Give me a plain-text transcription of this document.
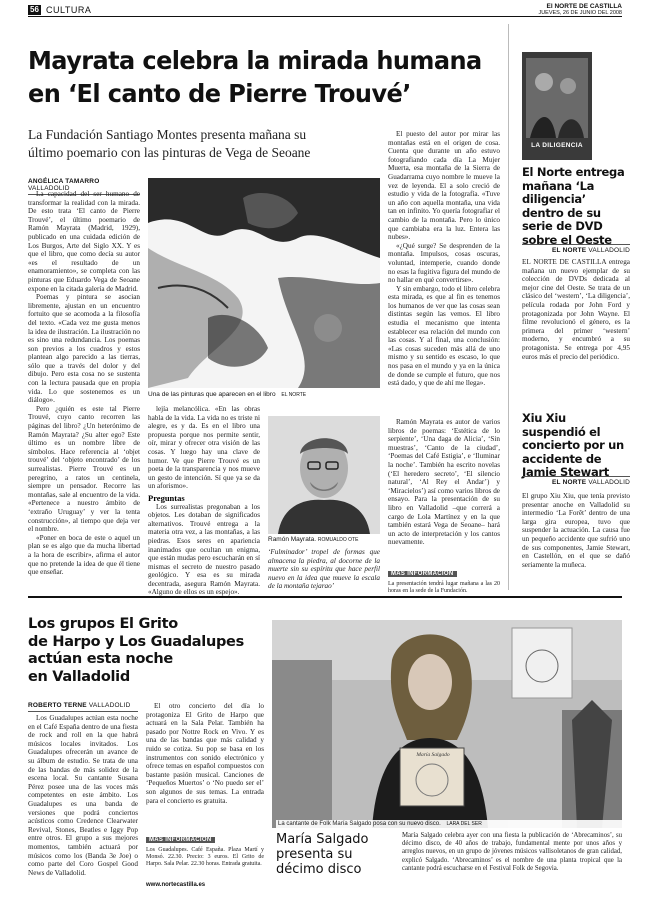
56 CULTURA	El NORTE DE CASTILLA
JUEVES, 26 DE JUNIO DEL 2008
Mayrata celebra la mirada humana
en ‘El canto de Pierre Trouvé’
La Fundación Santiago Montes presenta mañana su
último poemario con las pinturas de Vega de Seoane
ANGÉLICA TAMARRO VALLADOLID

La capacidad del ser humano de transformar la realidad con la mirada. De esto trata ‘El canto de Pierre Trouvé’, el último poemario de Ramón Mayrata (Madrid, 1929), publicado en una cuidada edición de Los Burgos, Arte del Siglo XX. Y es que el libro, que como decía su autor «es el resultado de un enamoramiento», se completa con las pinturas que Eduardo Vega de Seoane expone en la citada galería de Madrid.

Poemas y pintura se asocian libremente, ajustan en un encuentro fortuito que se acomoda a la filosofía del texto. «Cada vez me gusta menos la idea de ilustración. La ilustración no es sino una redundancia. Los poemas son previos a los cuadros y estos plantean algo parecido a las tierras, sólo que a través del dolor y del dibujo. Pero esta cosa no se sustenta con la lectura pausada que en propia vida. Lo que sostenemos es un diálogo».

Pero ¿quién es este tal Pierre Trouvé, cuyo canto recorren las páginas del libro? ¿Un heterónimo de Ramón Mayrata? ¿Su alter ego? Este último es un nombre libre de símbolos. Hace referencia al ‘objet trouvé’ del ‘objeto encontrado’ de los surrealistas. Pierre Trouvé es un peregrino, a ratos un centinela, siempre un pensador. Recorre las montañas, sale al encuentro de la vida. «Pertenece a nuestro ámbito de ‘extraño Uruguay’ y ver la tenta construcción», al tiempo que deja ver el nombre.

«Poner en boca de este o aquel un plan se es algo que da mucha libertad a la hora de escribir», afirma el autor que no pretende la idea de que él tiene que enseñar.

Una de las pinturas que aparecen en el libro EL NORTE

lejía melancólica. «En las obras habla de la vida. La vida no es triste ni alegre, es y da. Es en el libro una propuesta porque nos permite sentir, oír, mirar y ofrecer otra visión de las cosas. Y luego hay una clave de humor. Ve que Pierre Trouvé es un poeta de la transparencia y nos mueve un gesto de intención. Sí que ya se da un aforismo».

Preguntas

Los surrealistas pregonaban a los objetos. Les dotaban de significados alternativos. Trouvé entrega a la materia otra vez, a las montañas, a las piedras. Esos seres en apariencia inanimados que ocultan un enigma, que están mudas pero escucharán en sí mismas el secreto de nuestro pasado geológico. Y esa es su mirada decentrada, asegura Ramón Mayrata. «Alguno de ellos es un espejo».

Ramón Mayrata. ROMUALDO OTE

El puesto del autor por mirar las montañas está en el origen de cosa. Cuenta que durante un año estuvo fotografiando cada día La Mujer Muerta, esa montaña de la Sierra de Guadarrama cuyo nombre le mueve la vez de leyenda. El a solo creció de estudio y vida de la fotografía. «Tuve un año con aquella montaña, una vida tan en infinito. Yo quería fotografiar el cambio de la montaña. Pero lo único que cambiaba era la luz. Entera las nubes».

«¿Qué surge? Se desprenden de la montaña. Impulsos, cosas oscuras, voluntad, intemperie, cuando donde no esas la fugitiva figura del mundo de no hallar en qué convertirse».

Y sin embargo, todo el libro celebra esta mirada, es que al fin es tenemos los humanos de ver que las cosas sean distintas según las vemos. El libro estudia el mecanismo que intenta establecer esa relación del mundo con las cosas. Y al final, una conclusión: «Las cosas suceden más allá de uno mismo y su sentido es escaso, lo que nos pasa en el mundo y ya en la única de donde se cumple el futuro, que nos está dado, y que de ahí me llega».

Ramón Mayrata es autor de varios libros de poemas: ‘Estética de lo serpiente’, ‘Una daga de Alicia’, ‘Sin muestras’, ‘Canto de la ciudad’, ‘Poemas del Café Estigia’, e ‘Iluminar la noche’. También ha escrito novelas (‘El heredero secreto’, ‘El silencio natural’, ‘Al Rey el Andar’) y ‘Miracielos’) así como varios libros de ensayo. Para la presentación de su libro en Valladolid –que correrá a cargo de Lola Martínez y en la que también estará Vega de Seoane– hará un acto de interpretación y los cantos nuevamente.

‘Fulminador’ tropel de formas que almacena la piedra, al docorne de la muerte sin su espíritu que hace perfil nuevo en la idea que mueve la escala de la montaña tejarao’
MÁS INFORMACIÓN
La presentación tendrá lugar mañana a las 20 horas en la sede de la Fundación.
LA DILIGENCIA
El Norte entrega mañana ‘La diligencia’ dentro de su serie de DVD sobre el Oeste
EL NORTE VALLADOLID
EL NORTE DE CASTILLA entrega mañana un nuevo ejemplar de su colección de DVDs dedicada al mejor cine del Oeste. Se trata de un clásico del ‘western’, ‘La diligencia’, película rodada por John Ford y protagonizada por John Wayne. El filme revolucionó el género, es la primera del primer ‘western’ moderno, y encumbró a su protagonista. Se entrega por 4,95 euros más el precio del periódico.
Xiu Xiu suspendió el concierto por un accidente de Jamie Stewart
EL NORTE VALLADOLID
El grupo Xiu Xiu, que tenía previsto presentar anoche en Valladolid su intermedio ‘La Forêt’ dentro de una larga gira europea, tuvo que suspender la actuación. La causa fue un pequeño accidente que sufrió uno de sus componentes, Jamie Stewart, en Castellón, en el que se dañó seriamente la muñeca.
Los grupos El Grito
de Harpo y Los Guadalupes
actúan esta noche
en Valladolid
ROBERTO TERNE VALLADOLID

Los Guadalupes actúan esta noche en el Café España dentro de una fiesta de rock and roll en la que habrá músicos locales invitados. Los Guadalupes ofrecerán un avance de su álbum de estudio. Se trata de una de las bandas de más solidez de la escena local. Su cantante Susana Pérez posee una de las voces más competentes en este ámbito. Los Guadalupes es una banda de versiones que podrá conciertos acústicos como Credence Clearwater Revival, Stones, Beatles e Iggy Pop entre otros. El grupo a sus mejores momentos, también actuará por músicos como los (Banda 3e Joe) o como parte del Coro Gospel Good News de Valladolid.

El otro concierto del día lo protagoniza El Grito de Harpo que actuará en la Sala Pelar. También ha pasado por Nottre Rock en Vivo. Y es una de las bandas que más calidad y ruido se cotiza. Su pop se basa en los instrumentos con sonido electrónico y ofrece temas en español compuestos con bastante pasión musical. Canciones de ‘Pequeños Muertos’ o ‘No puedo ser el’ son algunos de sus temas. La entrada para el concierto es gratuita.

MÁS INFORMACIÓN
Los Guadalupes. Café España. Plaza Martí y Monsó. 22.30. Precio: 3 euros. El Grito de Harpo. Sala Pelar. 22.30 horas. Entrada gratuita.
www.nortecastilla.es
María Salgado
La cantante de Folk María Salgado posa con su nuevo disco. LARA DEL SER
María Salgado presenta su décimo disco
María Salgado celebra ayer con una fiesta la publicación de ‘Abrecaminos’, su décimo disco, de 40 años de trabajo, fundamental mente por unos años y arreglos nuevos, en un grupo de jóvenes músicos vallisoletanos de gran calidad, explicó Salgado. ‘Abrecaminos’ es el nombre de una planta tropical que la cantante podrá escucharse en el Festival Folk de Segovia.
